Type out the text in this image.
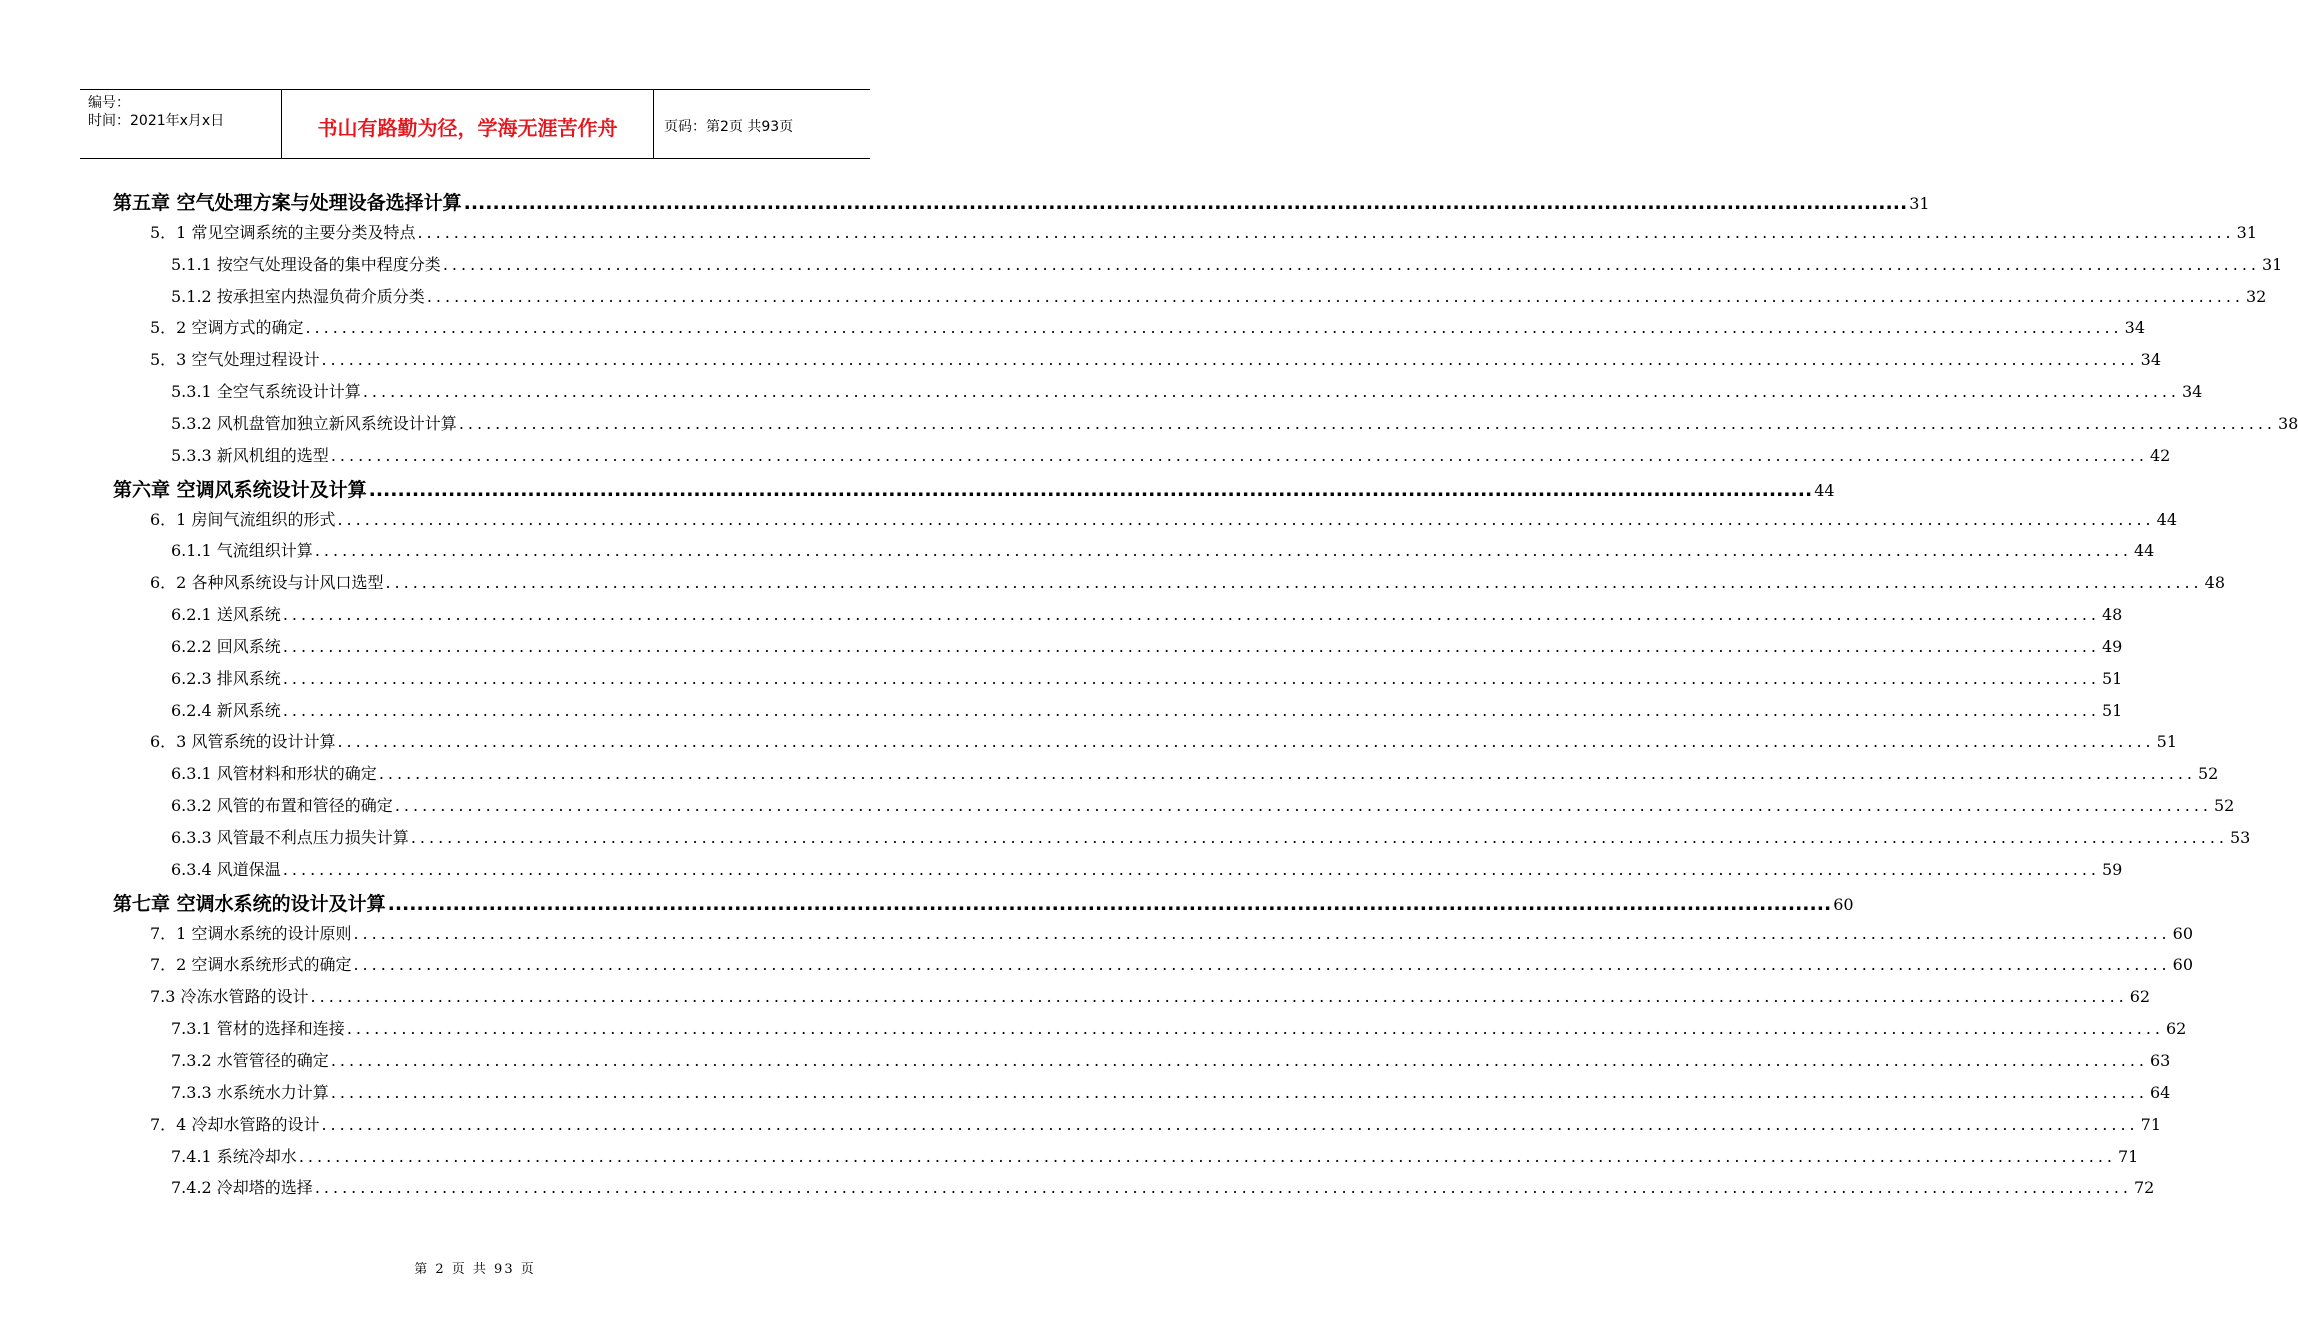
编号：
时间：2021年x月x日	书山有路勤为径，学海无涯苦作舟	页码：第2页 共93页
第五章 空气处理方案与处理设备选择计算 ........................................................................................................................................................................................................ 31
5．1 常见空调系统的主要分类及特点 ........................................................................................................................................................................................................ 31
5.1.1 按空气处理设备的集中程度分类 ........................................................................................................................................................................................................ 31
5.1.2 按承担室内热湿负荷介质分类 ........................................................................................................................................................................................................ 32
5．2 空调方式的确定 ........................................................................................................................................................................................................ 34
5．3 空气处理过程设计 ........................................................................................................................................................................................................ 34
5.3.1 全空气系统设计计算 ........................................................................................................................................................................................................ 34
5.3.2 风机盘管加独立新风系统设计计算 ........................................................................................................................................................................................................ 38
5.3.3 新风机组的选型 ........................................................................................................................................................................................................ 42
第六章 空调风系统设计及计算 ........................................................................................................................................................................................................ 44
6．1 房间气流组织的形式 ........................................................................................................................................................................................................ 44
6.1.1 气流组织计算 ........................................................................................................................................................................................................ 44
6．2 各种风系统设与计风口选型 ........................................................................................................................................................................................................ 48
6.2.1 送风系统 ........................................................................................................................................................................................................ 48
6.2.2 回风系统 ........................................................................................................................................................................................................ 49
6.2.3 排风系统 ........................................................................................................................................................................................................ 51
6.2.4 新风系统 ........................................................................................................................................................................................................ 51
6．3 风管系统的设计计算 ........................................................................................................................................................................................................ 51
6.3.1 风管材料和形状的确定 ........................................................................................................................................................................................................ 52
6.3.2 风管的布置和管径的确定 ........................................................................................................................................................................................................ 52
6.3.3 风管最不利点压力损失计算 ........................................................................................................................................................................................................ 53
6.3.4 风道保温 ........................................................................................................................................................................................................ 59
第七章 空调水系统的设计及计算 ........................................................................................................................................................................................................ 60
7．1 空调水系统的设计原则 ........................................................................................................................................................................................................ 60
7．2 空调水系统形式的确定 ........................................................................................................................................................................................................ 60
7.3 冷冻水管路的设计 ........................................................................................................................................................................................................ 62
7.3.1 管材的选择和连接 ........................................................................................................................................................................................................ 62
7.3.2 水管管径的确定 ........................................................................................................................................................................................................ 63
7.3.3 水系统水力计算 ........................................................................................................................................................................................................ 64
7．4 冷却水管路的设计 ........................................................................................................................................................................................................ 71
7.4.1 系统冷却水 ........................................................................................................................................................................................................ 71
7.4.2 冷却塔的选择 ........................................................................................................................................................................................................ 72
第 2 页 共 93 页
